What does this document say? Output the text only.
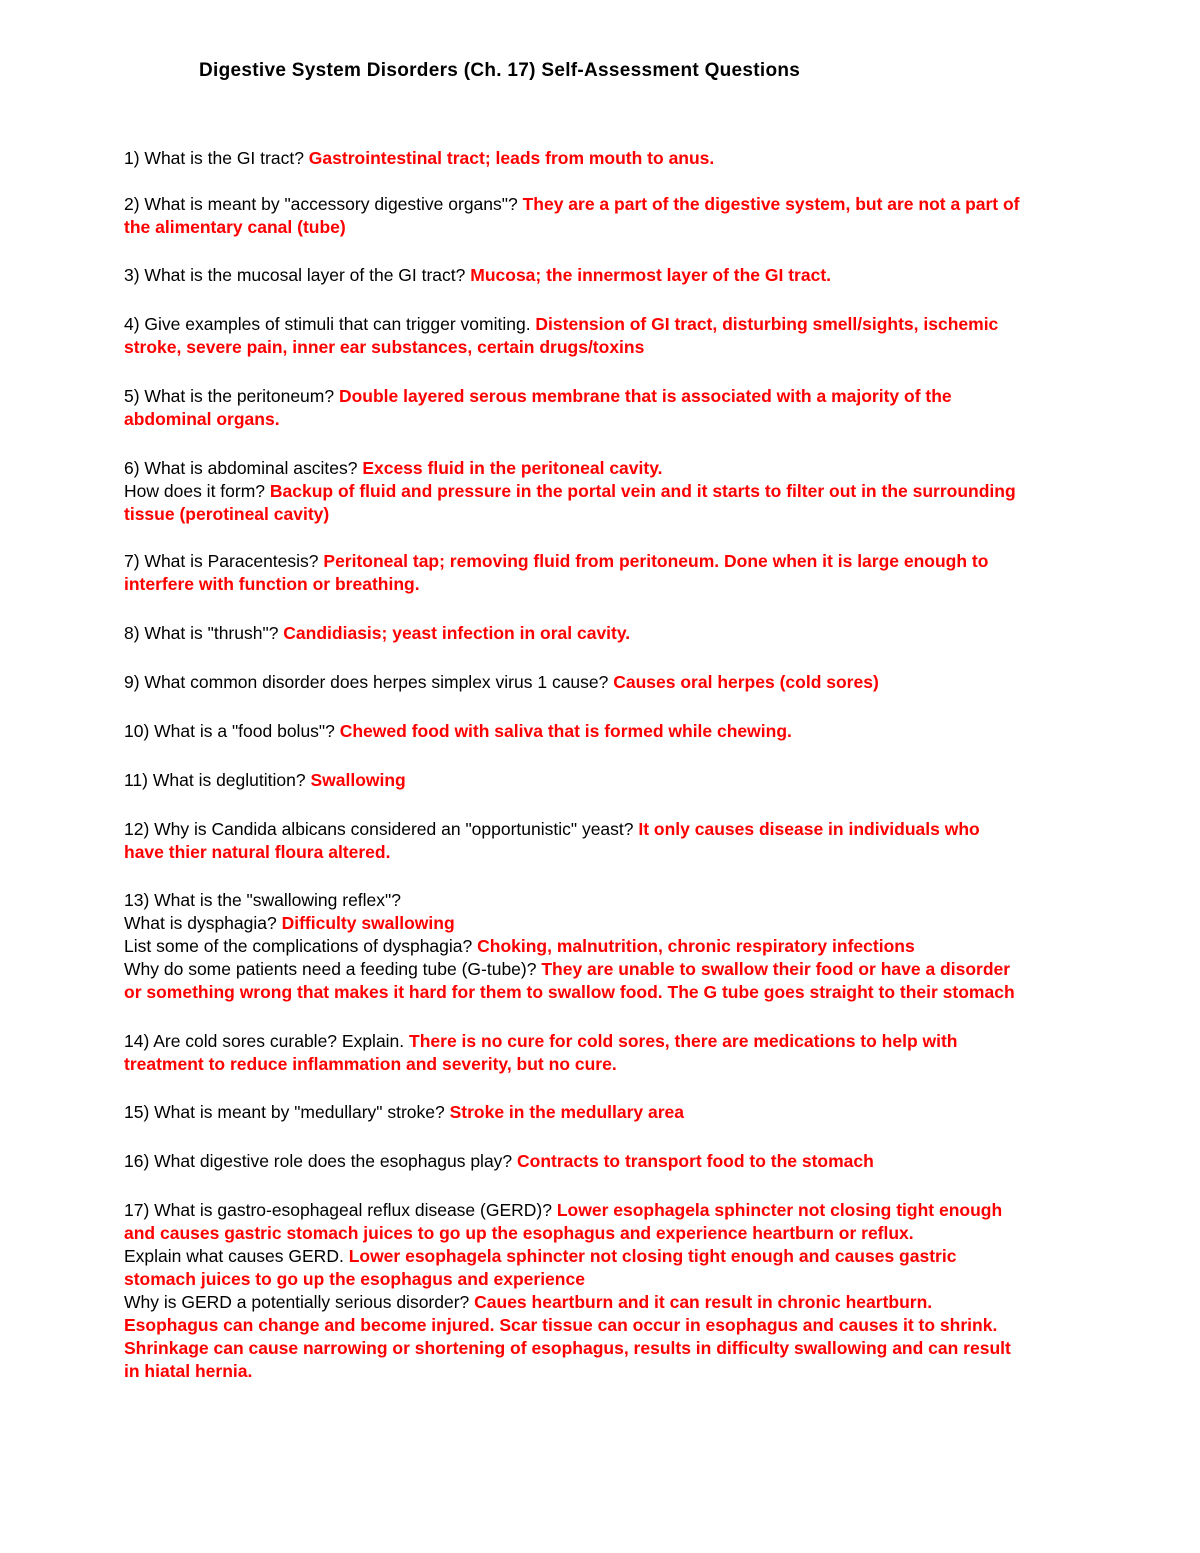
Digestive System Disorders (Ch. 17) Self-Assessment Questions
1) What is the GI tract? Gastrointestinal tract; leads from mouth to anus.
2) What is meant by "accessory digestive organs"? They are a part of the digestive system, but are not a part of
the alimentary canal (tube)
3) What is the mucosal layer of the GI tract? Mucosa; the innermost layer of the GI tract.
4) Give examples of stimuli that can trigger vomiting. Distension of GI tract, disturbing smell/sights, ischemic
stroke, severe pain, inner ear substances, certain drugs/toxins
5) What is the peritoneum? Double layered serous membrane that is associated with a majority of the
abdominal organs.
6) What is abdominal ascites? Excess fluid in the peritoneal cavity.
How does it form? Backup of fluid and pressure in the portal vein and it starts to filter out in the surrounding
tissue (perotineal cavity)
7) What is Paracentesis? Peritoneal tap; removing fluid from peritoneum. Done when it is large enough to
interfere with function or breathing.
8) What is "thrush"? Candidiasis; yeast infection in oral cavity.
9) What common disorder does herpes simplex virus 1 cause? Causes oral herpes (cold sores)
10) What is a "food bolus"? Chewed food with saliva that is formed while chewing.
11) What is deglutition? Swallowing
12) Why is Candida albicans considered an "opportunistic" yeast? It only causes disease in individuals who
have thier natural floura altered.
13) What is the "swallowing reflex"?
What is dysphagia? Difficulty swallowing
List some of the complications of dysphagia? Choking, malnutrition, chronic respiratory infections
Why do some patients need a feeding tube (G-tube)? They are unable to swallow their food or have a disorder
or something wrong that makes it hard for them to swallow food. The G tube goes straight to their stomach
14) Are cold sores curable? Explain. There is no cure for cold sores, there are medications to help with
treatment to reduce inflammation and severity, but no cure.
15) What is meant by "medullary" stroke? Stroke in the medullary area
16) What digestive role does the esophagus play? Contracts to transport food to the stomach
17) What is gastro-esophageal reflux disease (GERD)? Lower esophagela sphincter not closing tight enough
and causes gastric stomach juices to go up the esophagus and experience heartburn or reflux.
Explain what causes GERD. Lower esophagela sphincter not closing tight enough and causes gastric
stomach juices to go up the esophagus and experience
Why is GERD a potentially serious disorder? Caues heartburn and it can result in chronic heartburn.
Esophagus can change and become injured. Scar tissue can occur in esophagus and causes it to shrink.
Shrinkage can cause narrowing or shortening of esophagus, results in difficulty swallowing and can result
in hiatal hernia.
